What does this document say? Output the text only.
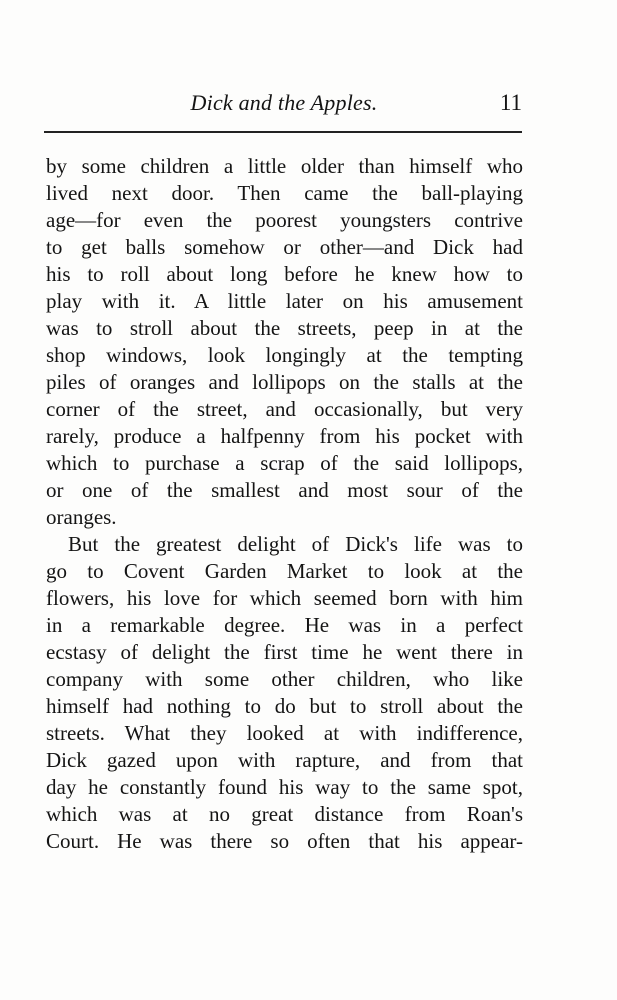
Dick and the Apples.	11
by some children a little older than himself who
lived next door. Then came the ball-playing
age—for even the poorest youngsters contrive
to get balls somehow or other—and Dick had
his to roll about long before he knew how to
play with it. A little later on his amusement
was to stroll about the streets, peep in at the
shop windows, look longingly at the tempting
piles of oranges and lollipops on the stalls at the
corner of the street, and occasionally, but very
rarely, produce a halfpenny from his pocket with
which to purchase a scrap of the said lollipops,
or one of the smallest and most sour of the
oranges.
But the greatest delight of Dick's life was to
go to Covent Garden Market to look at the
flowers, his love for which seemed born with him
in a remarkable degree. He was in a perfect
ecstasy of delight the first time he went there in
company with some other children, who like
himself had nothing to do but to stroll about the
streets. What they looked at with indifference,
Dick gazed upon with rapture, and from that
day he constantly found his way to the same spot,
which was at no great distance from Roan's
Court. He was there so often that his appear-
